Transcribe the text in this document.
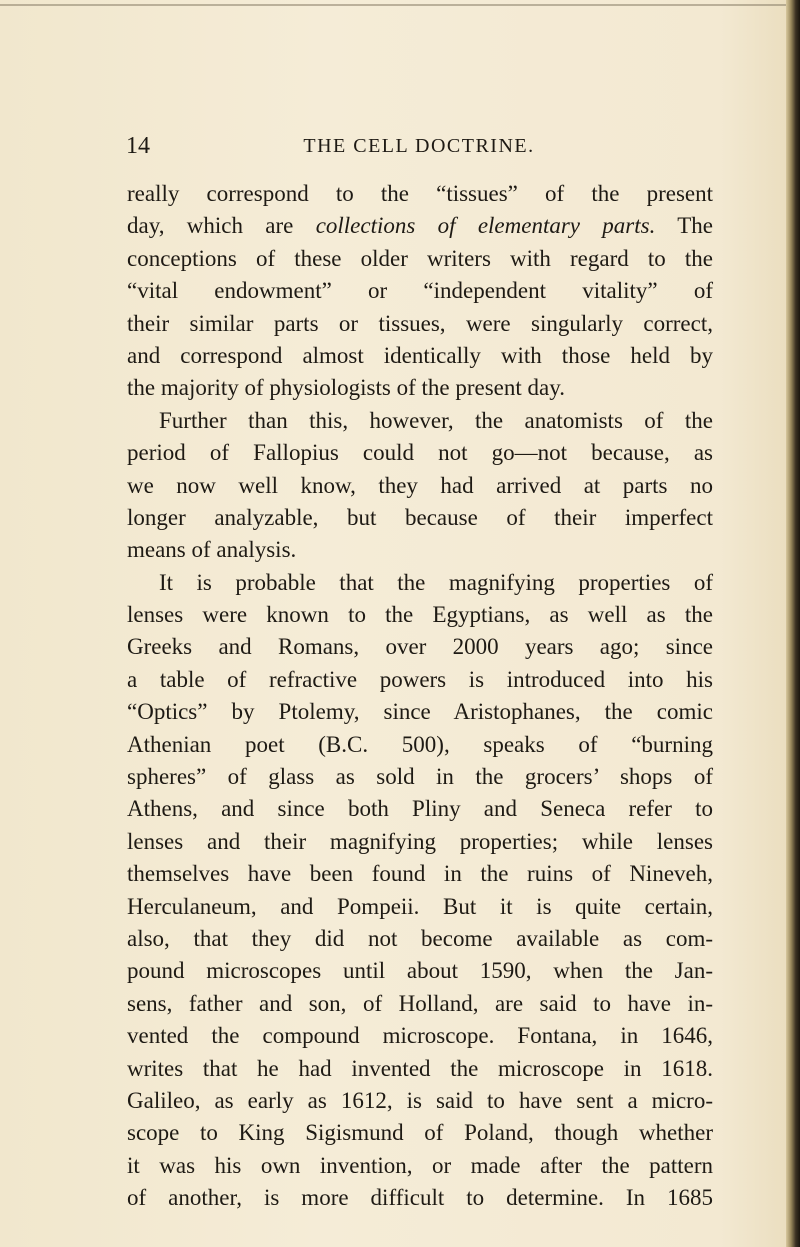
14	THE CELL DOCTRINE.
really correspond to the “tissues” of the present
day, which are collections of elementary parts. The
conceptions of these older writers with regard to the
“vital endowment” or “independent vitality” of
their similar parts or tissues, were singularly correct,
and correspond almost identically with those held by
the majority of physiologists of the present day.
Further than this, however, the anatomists of the
period of Fallopius could not go—not because, as
we now well know, they had arrived at parts no
longer analyzable, but because of their imperfect
means of analysis.
It is probable that the magnifying properties of
lenses were known to the Egyptians, as well as the
Greeks and Romans, over 2000 years ago; since
a table of refractive powers is introduced into his
“Optics” by Ptolemy, since Aristophanes, the comic
Athenian poet (B.C. 500), speaks of “burning
spheres” of glass as sold in the grocers’ shops of
Athens, and since both Pliny and Seneca refer to
lenses and their magnifying properties; while lenses
themselves have been found in the ruins of Nineveh,
Herculaneum, and Pompeii. But it is quite certain,
also, that they did not become available as com-
pound microscopes until about 1590, when the Jan-
sens, father and son, of Holland, are said to have in-
vented the compound microscope. Fontana, in 1646,
writes that he had invented the microscope in 1618.
Galileo, as early as 1612, is said to have sent a micro-
scope to King Sigismund of Poland, though whether
it was his own invention, or made after the pattern
of another, is more difficult to determine. In 1685
